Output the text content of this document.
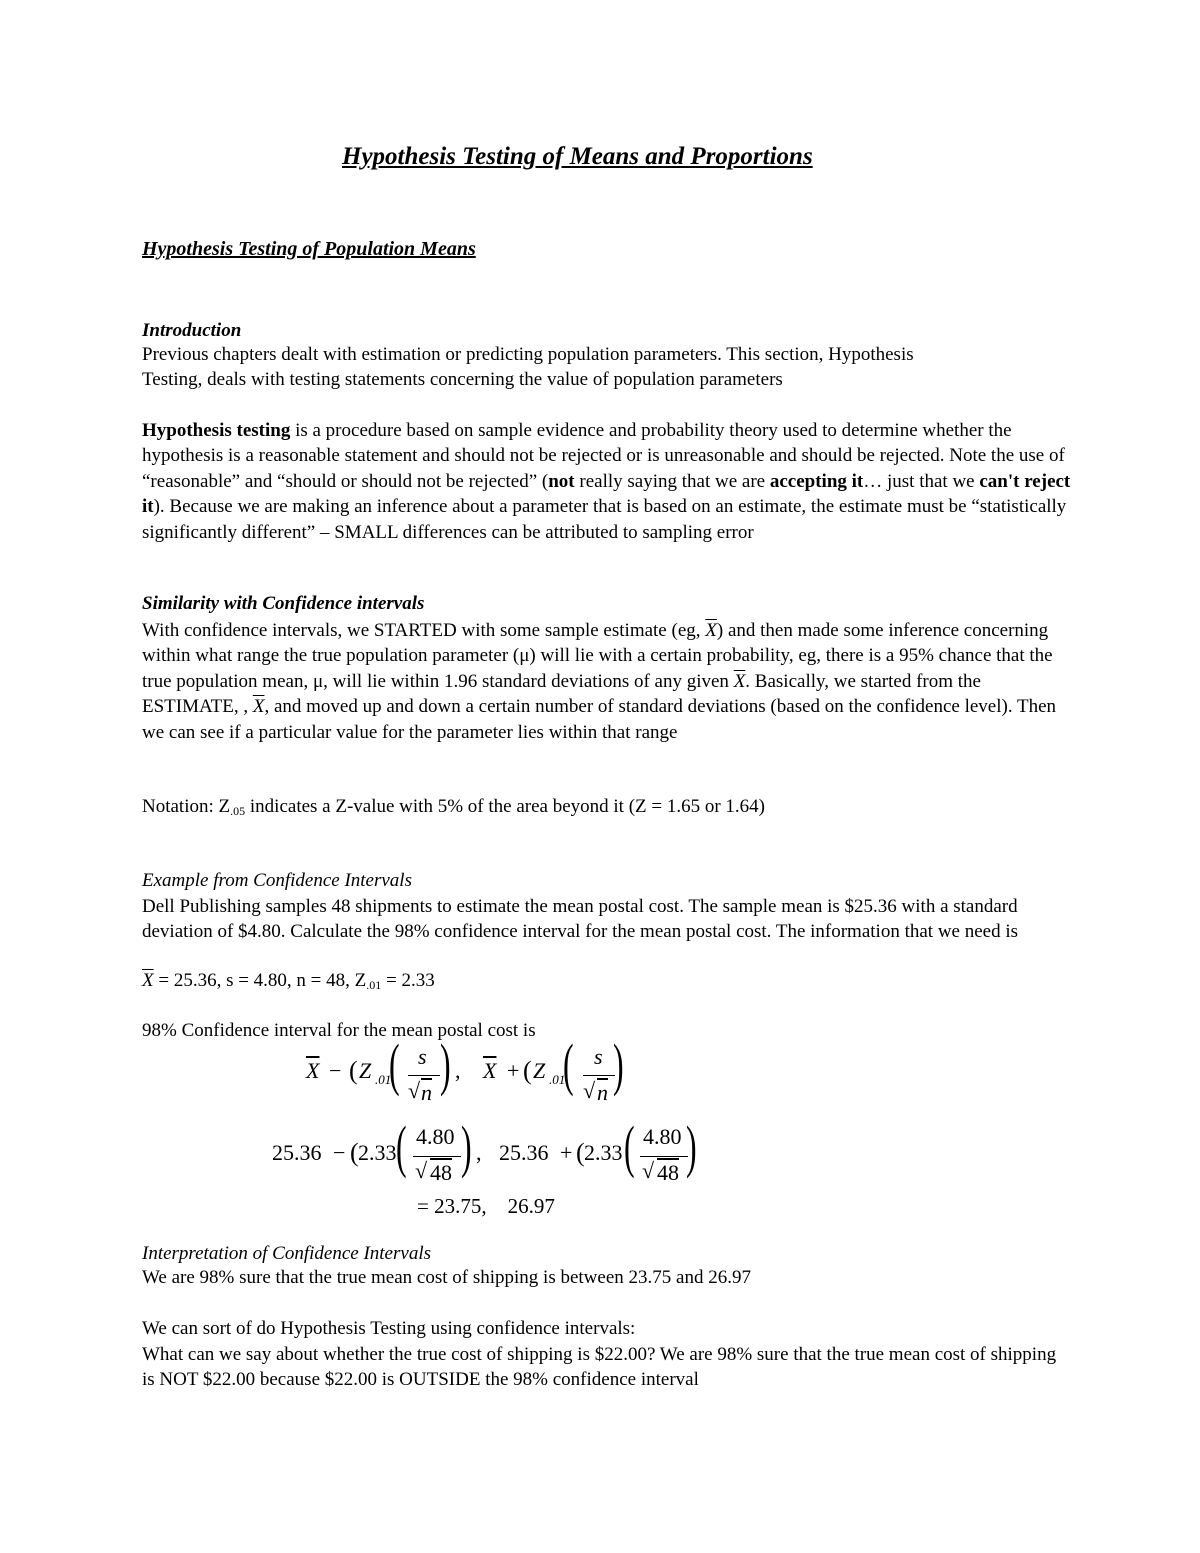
Hypothesis Testing of Means and Proportions
Hypothesis Testing of Population Means
Introduction
Previous chapters dealt with estimation or predicting population parameters. This section, Hypothesis
Testing, deals with testing statements concerning the value of population parameters
Hypothesis testing is a procedure based on sample evidence and probability theory used to determine whether the hypothesis is a reasonable statement and should not be rejected or is unreasonable and should be rejected. Note the use of “reasonable” and “should or should not be rejected” (not really saying that we are accepting it… just that we can't reject it). Because we are making an inference about a parameter that is based on an estimate, the estimate must be “statistically significantly different” – SMALL differences can be attributed to sampling error
Similarity with Confidence intervals
With confidence intervals, we STARTED with some sample estimate (eg, $\overline{X}$) and then made some inference concerning within what range the true population parameter (μ) will lie with a certain probability, eg, there is a 95% chance that the true population mean, μ, will lie within 1.96 standard deviations of any given $\overline{X}$. Basically, we started from the ESTIMATE, , $\overline{X}$, and moved up and down a certain number of standard deviations (based on the confidence level). Then we can see if a particular value for the parameter lies within that range
Notation: $Z_{.05}$ indicates a Z-value with 5% of the area beyond it (Z = 1.65 or 1.64)
Example from Confidence Intervals
Dell Publishing samples 48 shipments to estimate the mean postal cost. The sample mean is $25.36 with a standard deviation of $4.80. Calculate the 98% confidence interval for the mean postal cost. The information that we need is
$\overline{X} = 25.36$, s = 4.80, n = 48, $Z_{.01} = 2.33$
98% Confidence interval for the mean postal cost is
$\overline{X}$ − ( Z .01
( s
√ n ) , $\overline{X}$ + ( Z .01
( s
√ n )
25.36 − ( 2.33 ( 4.80
√ 48 ) , 25.36 + ( 2.33 ( 4.80
√ 48 )
= 23.75,    26.97
Interpretation of Confidence Intervals
We are 98% sure that the true mean cost of shipping is between 23.75 and 26.97
We can sort of do Hypothesis Testing using confidence intervals:
What can we say about whether the true cost of shipping is $22.00? We are 98% sure that the true mean cost of shipping is NOT $22.00 because $22.00 is OUTSIDE the 98% confidence interval
